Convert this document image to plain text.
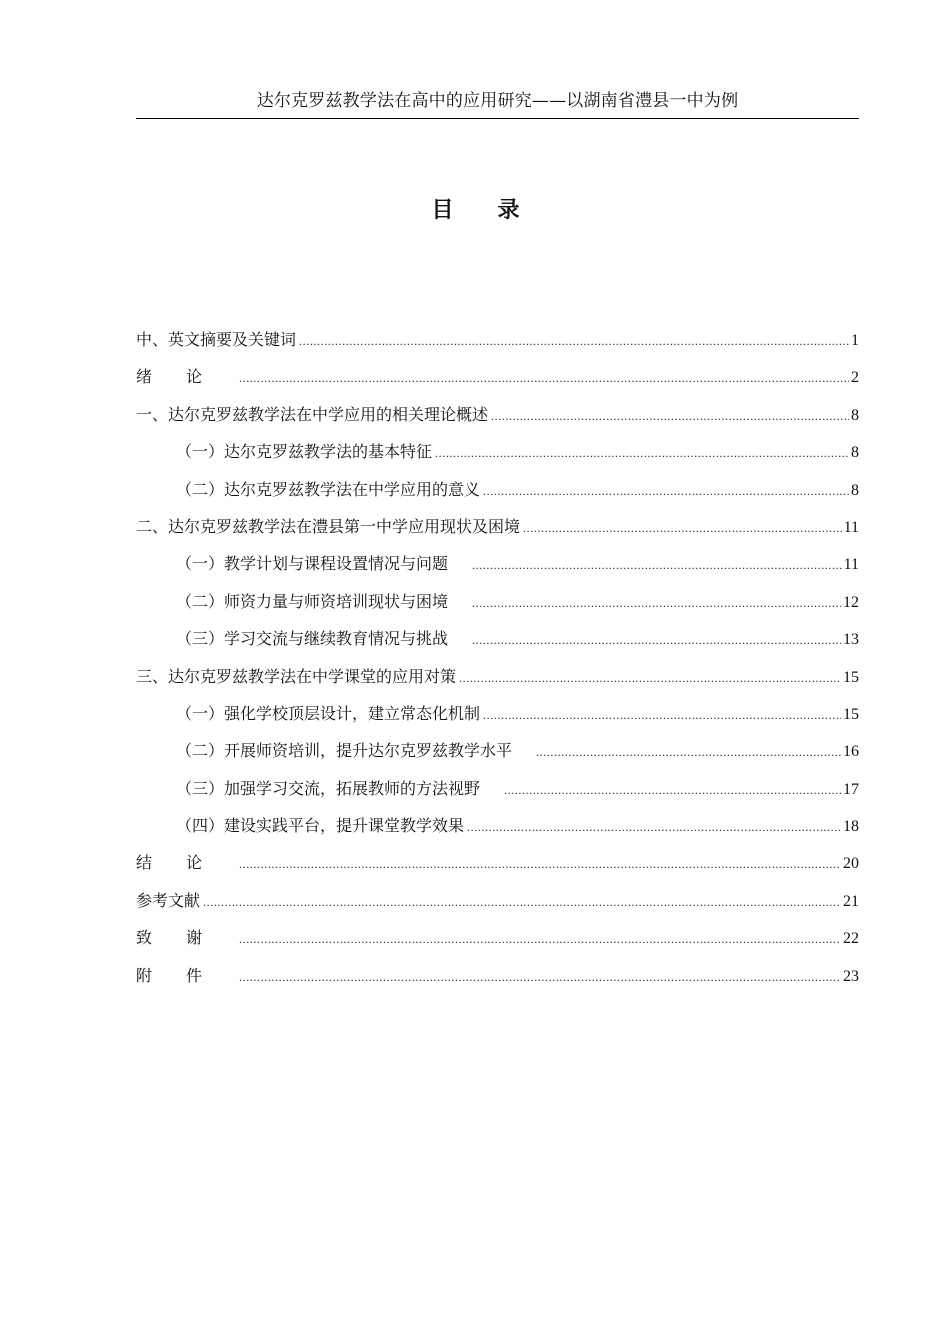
达尔克罗兹教学法在高中的应用研究——以湖南省澧县一中为例
目录
中、英文摘要及关键词 .....	1
绪论 .....	2
一、达尔克罗兹教学法在中学应用的相关理论概述 .....	8
（一）达尔克罗兹教学法的基本特征 .....	8
（二）达尔克罗兹教学法在中学应用的意义 .....	8
二、达尔克罗兹教学法在澧县第一中学应用现状及困境 .....	11
（一）教学计划与课程设置情况与问题 .....	11
（二）师资力量与师资培训现状与困境 .....	12
（三）学习交流与继续教育情况与挑战 .....	13
三、达尔克罗兹教学法在中学课堂的应用对策 .....	15
（一）强化学校顶层设计，建立常态化机制 .....	15
（二）开展师资培训，提升达尔克罗兹教学水平 .....	16
（三）加强学习交流，拓展教师的方法视野 .....	17
（四）建设实践平台，提升课堂教学效果 .....	18
结论 .....	20
参考文献 .....	21
致谢 .....	22
附件 .....	23
